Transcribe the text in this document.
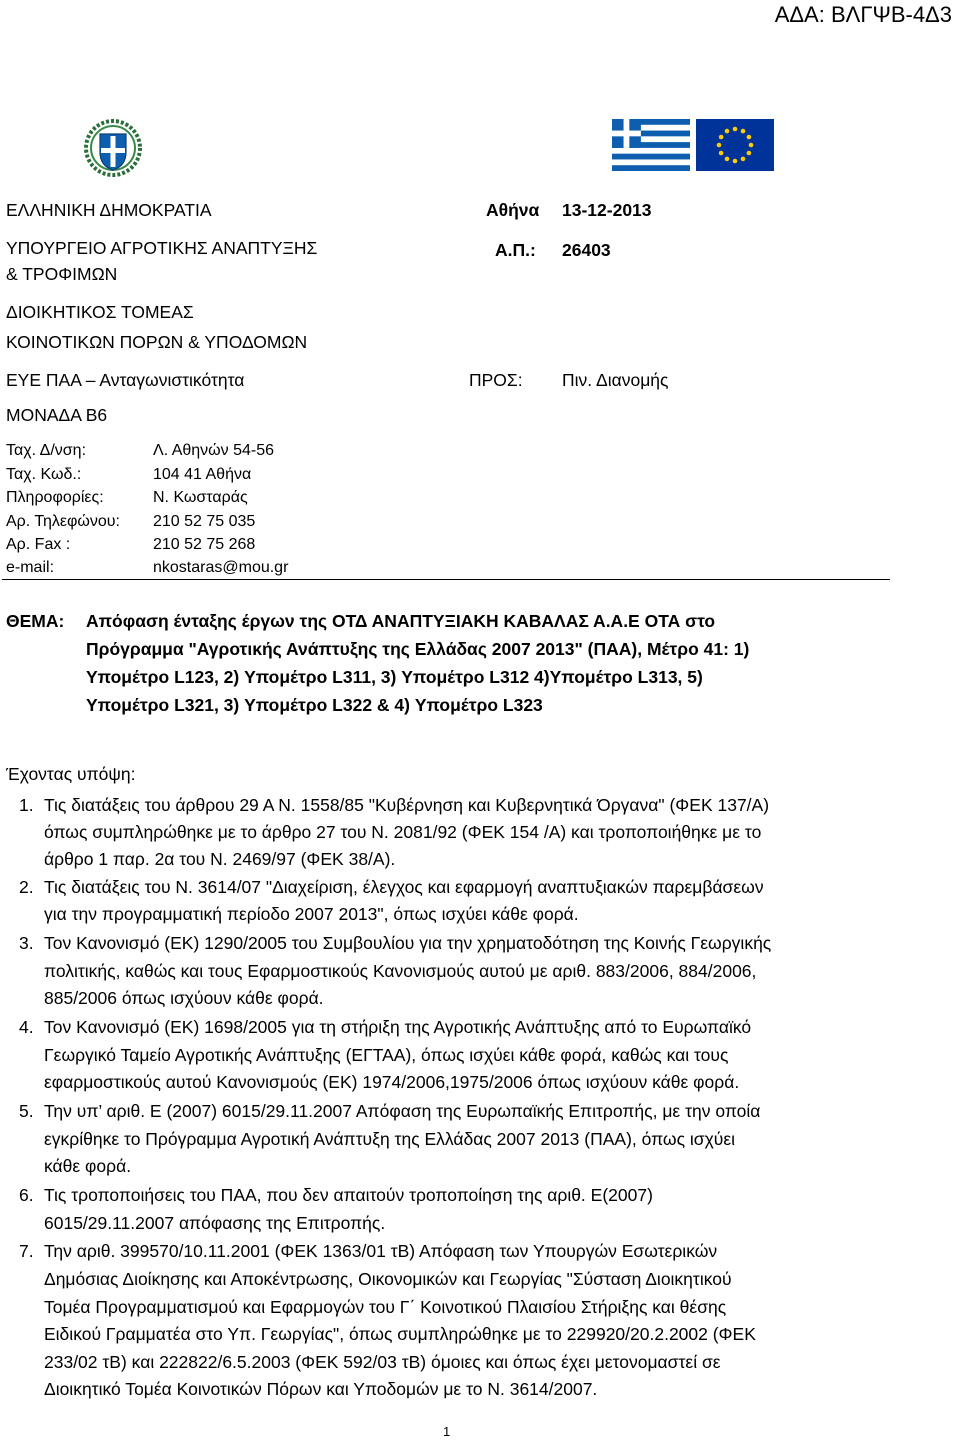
ΑΔΑ: ΒΛΓΨΒ-4Δ3
ΕΛΛΗΝΙΚΗ ΔΗΜΟΚΡΑΤΙΑ
ΥΠΟΥΡΓΕΙΟ ΑΓΡΟΤΙΚΗΣ ΑΝΑΠΤΥΞΗΣ
& ΤΡΟΦΙΜΩΝ
ΔΙΟΙΚΗΤΙΚΟΣ ΤΟΜΕΑΣ
ΚΟΙΝΟΤΙΚΩΝ ΠΟΡΩΝ & ΥΠΟΔΟΜΩΝ
ΕΥΕ ΠΑΑ – Ανταγωνιστικότητα
ΜΟΝΑΔΑ Β6
Αθήνα 13-12-2013
Α.Π.: 26403
ΠΡΟΣ: Πιν. Διανομής
Ταχ. Δ/νση:	Λ. Αθηνών 54-56
Ταχ. Κωδ.:	104 41 Αθήνα
Πληροφορίες:	Ν. Κωσταράς
Αρ. Τηλεφώνου: 210 52 75 035
Αρ. Fax :	210 52 75 268
e-mail:	nkostaras@mou.gr
ΘΕΜΑ: Απόφαση ένταξης έργων της ΟΤΔ ΑΝΑΠΤΥΞΙΑΚΗ ΚΑΒΑΛΑΣ Α.Α.Ε ΟΤΑ στο
Πρόγραμμα "Αγροτικής Ανάπτυξης της Ελλάδας 2007 2013" (ΠΑΑ), Μέτρο 41: 1)
Υπομέτρο L123, 2) Υπομέτρο L311, 3) Υπομέτρο L312 4)Υπομέτρο L313, 5)
Υπομέτρο L321, 3) Υπομέτρο L322 & 4) Υπομέτρο L323
Έχοντας υπόψη:
1. Τις διατάξεις του άρθρου 29 Α Ν. 1558/85 "Κυβέρνηση και Κυβερνητικά Όργανα" (ΦΕΚ 137/Α)
όπως συμπληρώθηκε με το άρθρο 27 του Ν. 2081/92 (ΦΕΚ 154 /Α) και τροποποιήθηκε με το
άρθρο 1 παρ. 2α του Ν. 2469/97 (ΦΕΚ 38/Α).
2. Τις διατάξεις του Ν. 3614/07 "Διαχείριση, έλεγχος και εφαρμογή αναπτυξιακών παρεμβάσεων
για την προγραμματική περίοδο 2007 2013", όπως ισχύει κάθε φορά.
3. Τον Κανονισμό (ΕΚ) 1290/2005 του Συμβουλίου για την χρηματοδότηση της Κοινής Γεωργικής
πολιτικής, καθώς και τους Εφαρμοστικούς Κανονισμούς αυτού με αριθ. 883/2006, 884/2006,
885/2006 όπως ισχύουν κάθε φορά.
4. Τον Κανονισμό (ΕΚ) 1698/2005 για τη στήριξη της Αγροτικής Ανάπτυξης από το Ευρωπαϊκό
Γεωργικό Ταμείο Αγροτικής Ανάπτυξης (ΕΓΤΑΑ), όπως ισχύει κάθε φορά, καθώς και τους
εφαρμοστικούς αυτού Κανονισμούς (ΕΚ) 1974/2006,1975/2006 όπως ισχύουν κάθε φορά.
5. Την υπ’ αριθ. Ε (2007) 6015/29.11.2007 Απόφαση της Ευρωπαϊκής Επιτροπής, με την οποία
εγκρίθηκε το Πρόγραμμα Αγροτική Ανάπτυξη της Ελλάδας 2007 2013 (ΠΑΑ), όπως ισχύει
κάθε φορά.
6. Τις τροποποιήσεις του ΠΑΑ, που δεν απαιτούν τροποποίηση της αριθ. Ε(2007)
6015/29.11.2007 απόφασης της Επιτροπής.
7. Την αριθ. 399570/10.11.2001 (ΦΕΚ 1363/01 τΒ) Απόφαση των Υπουργών Εσωτερικών
Δημόσιας Διοίκησης και Αποκέντρωσης, Οικονομικών και Γεωργίας "Σύσταση Διοικητικού
Τομέα Προγραμματισμού και Εφαρμογών του Γ΄ Κοινοτικού Πλαισίου Στήριξης και θέσης
Ειδικού Γραμματέα στο Υπ. Γεωργίας", όπως συμπληρώθηκε με το 229920/20.2.2002 (ΦΕΚ
233/02 τΒ) και 222822/6.5.2003 (ΦΕΚ 592/03 τΒ) όμοιες και όπως έχει μετονομαστεί σε
Διοικητικό Τομέα Κοινοτικών Πόρων και Υποδομών με το Ν. 3614/2007.
1
